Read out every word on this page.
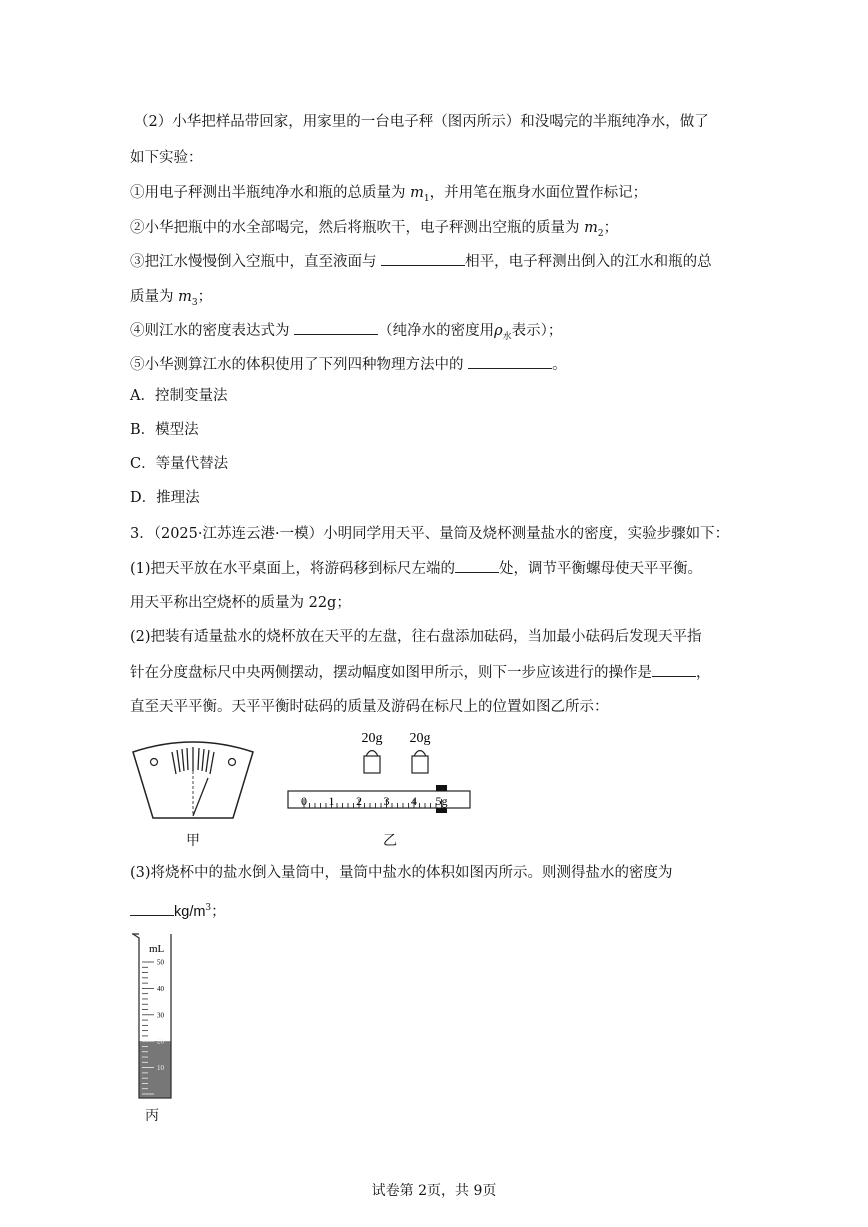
（2）小华把样品带回家，用家里的一台电子秤（图丙所示）和没喝完的半瓶纯净水，做了
如下实验：
①用电子秤测出半瓶纯净水和瓶的总质量为 $m_1$，并用笔在瓶身水面位置作标记；
②小华把瓶中的水全部喝完，然后将瓶吹干，电子秤测出空瓶的质量为 $m_2$；
③把江水慢慢倒入空瓶中，直至液面与	相平，电子秤测出倒入的江水和瓶的总
质量为 $m_3$；
④则江水的密度表达式为	（纯净水的密度用$\rho_水$表示）；
⑤小华测算江水的体积使用了下列四种物理方法中的	。
A．控制变量法
B．模型法
C．等量代替法
D．推理法
3．（2025·江苏连云港·一模）小明同学用天平、量筒及烧杯测量盐水的密度，实验步骤如下：
(1)把天平放在水平桌面上，将游码移到标尺左端的	处，调节平衡螺母使天平平衡。
用天平称出空烧杯的质量为 22g；
(2)把装有适量盐水的烧杯放在天平的左盘，往右盘添加砝码，当加最小砝码后发现天平指
针在分度盘标尺中央两侧摆动，摆动幅度如图甲所示，则下一步应该进行的操作是	，
直至天平平衡。天平平衡时砝码的质量及游码在标尺上的位置如图乙所示：
甲
20g 20g
0 1 2 3 4 5g
乙
(3)将烧杯中的盐水倒入量筒中，量筒中盐水的体积如图丙所示。则测得盐水的密度为
$kg/m^3$；
mL
50
40
30
20
10
丙
试卷第 2页，共 9页
